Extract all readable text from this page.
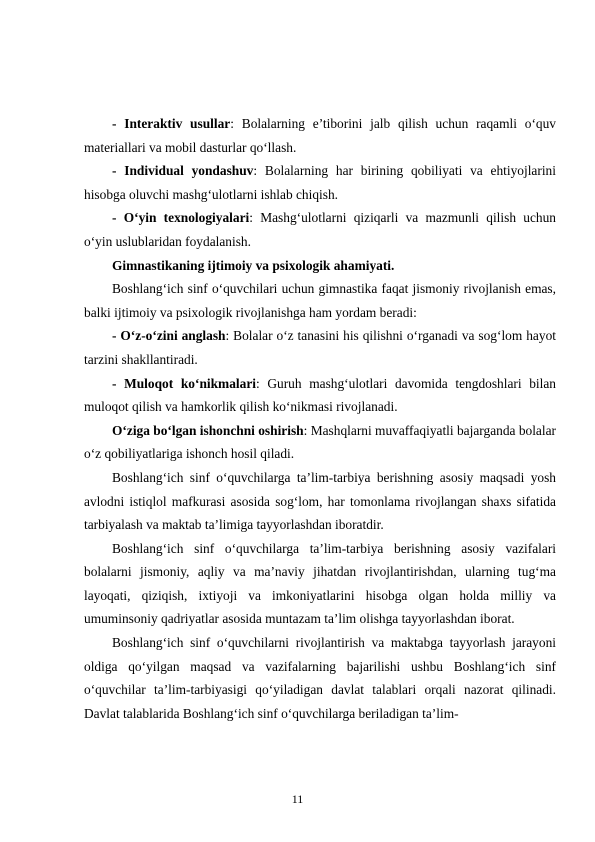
- Interaktiv usullar: Bolalarning e’tiborini jalb qilish uchun raqamli o‘quv materiallari va mobil dasturlar qo‘llash.

- Individual yondashuv: Bolalarning har birining qobiliyati va ehtiyojlarini hisobga oluvchi mashg‘ulotlarni ishlab chiqish.

- O‘yin texnologiyalari: Mashg‘ulotlarni qiziqarli va mazmunli qilish uchun o‘yin uslublaridan foydalanish.

Gimnastikaning ijtimoiy va psixologik ahamiyati.

Boshlang‘ich sinf o‘quvchilari uchun gimnastika faqat jismoniy rivojlanish emas, balki ijtimoiy va psixologik rivojlanishga ham yordam beradi:

- O‘z-o‘zini anglash: Bolalar o‘z tanasini his qilishni o‘rganadi va sog‘lom hayot tarzini shakllantiradi.

- Muloqot ko‘nikmalari: Guruh mashg‘ulotlari davomida tengdoshlari bilan muloqot qilish va hamkorlik qilish ko‘nikmasi rivojlanadi.

O‘ziga bo‘lgan ishonchni oshirish: Mashqlarni muvaffaqiyatli bajarganda bolalar o‘z qobiliyatlariga ishonch hosil qiladi.

Boshlang‘ich sinf o‘quvchilarga ta’lim-tarbiya berishning asosiy maqsadi yosh avlodni istiqlol mafkurasi asosida sog‘lom, har tomonlama rivojlangan shaxs sifatida tarbiyalash va maktab ta’limiga tayyorlashdan iboratdir.

Boshlang‘ich sinf o‘quvchilarga ta’lim-tarbiya berishning asosiy vazifalari bolalarni jismoniy, aqliy va ma’naviy jihatdan rivojlantirishdan, ularning tug‘ma layoqati, qiziqish, ixtiyoji va imkoniyatlarini hisobga olgan holda milliy va umuminsoniy qadriyatlar asosida muntazam ta’lim olishga tayyorlashdan iborat.

Boshlang‘ich sinf o‘quvchilarni rivojlantirish va maktabga tayyorlash jarayoni oldiga qo‘yilgan maqsad va vazifalarning bajarilishi ushbu Boshlang‘ich sinf o‘quvchilar ta’lim-tarbiyasigi qo‘yiladigan davlat talablari orqali nazorat qilinadi. Davlat talablarida Boshlang‘ich sinf o‘quvchilarga beriladigan ta’lim-

11
